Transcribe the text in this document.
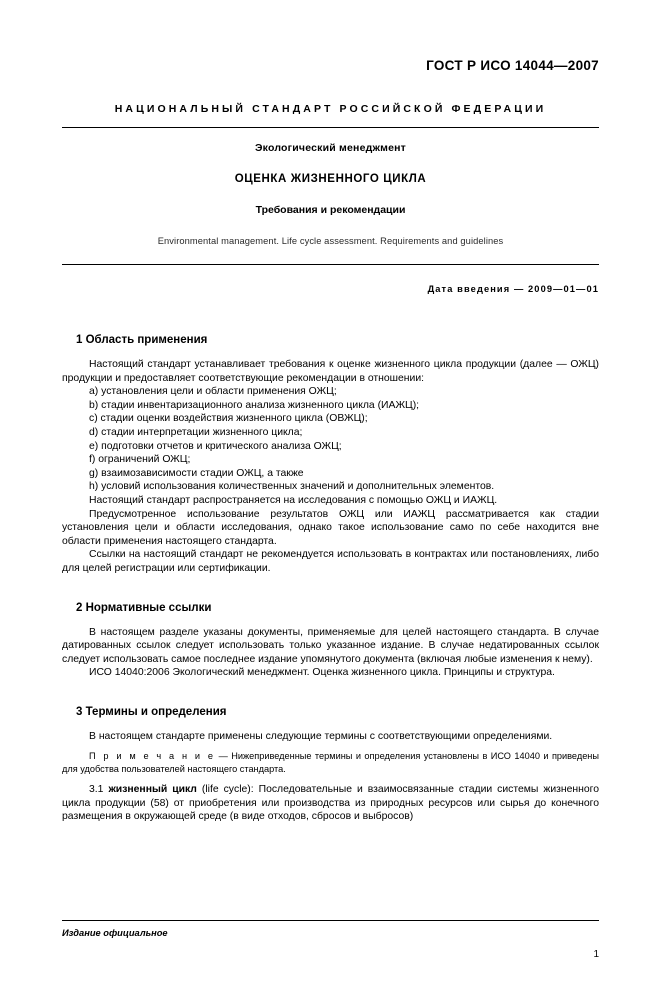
ГОСТ Р ИСО 14044—2007
НАЦИОНАЛЬНЫЙ СТАНДАРТ РОССИЙСКОЙ ФЕДЕРАЦИИ
Экологический менеджмент
ОЦЕНКА ЖИЗНЕННОГО ЦИКЛА
Требования и рекомендации
Environmental management. Life cycle assessment. Requirements and guidelines
Дата введения — 2009—01—01
1 Область применения

Настоящий стандарт устанавливает требования к оценке жизненного цикла продукции (далее — ОЖЦ) продукции и предоставляет соответствующие рекомендации в отношении:

a) установления цели и области применения ОЖЦ;
b) стадии инвентаризационного анализа жизненного цикла (ИАЖЦ);
c) стадии оценки воздействия жизненного цикла (ОВЖЦ);
d) стадии интерпретации жизненного цикла;
e) подготовки отчетов и критического анализа ОЖЦ;
f) ограничений ОЖЦ;
g) взаимозависимости стадии ОЖЦ, а также
h) условий использования количественных значений и дополнительных элементов.

Настоящий стандарт распространяется на исследования с помощью ОЖЦ и ИАЖЦ.

Предусмотренное использование результатов ОЖЦ или ИАЖЦ рассматривается как стадии установления цели и области исследования, однако такое использование само по себе находится вне области применения настоящего стандарта.

Ссылки на настоящий стандарт не рекомендуется использовать в контрактах или постановлениях, либо для целей регистрации или сертификации.

2 Нормативные ссылки

В настоящем разделе указаны документы, применяемые для целей настоящего стандарта. В случае датированных ссылок следует использовать только указанное издание. В случае недатированных ссылок следует использовать самое последнее издание упомянутого документа (включая любые изменения к нему).

ИСО 14040:2006 Экологический менеджмент. Оценка жизненного цикла. Принципы и структура.

3 Термины и определения

В настоящем стандарте применены следующие термины с соответствующими определениями.

П р и м е ч а н и е — Нижеприведенные термины и определения установлены в ИСО 14040 и приведены для удобства пользователей настоящего стандарта.

3.1 жизненный цикл (life cycle): Последовательные и взаимосвязанные стадии системы жизненного цикла продукции (58) от приобретения или производства из природных ресурсов или сырья до конечного размещения в окружающей среде (в виде отходов, сбросов и выбросов)

Издание официальное
1
